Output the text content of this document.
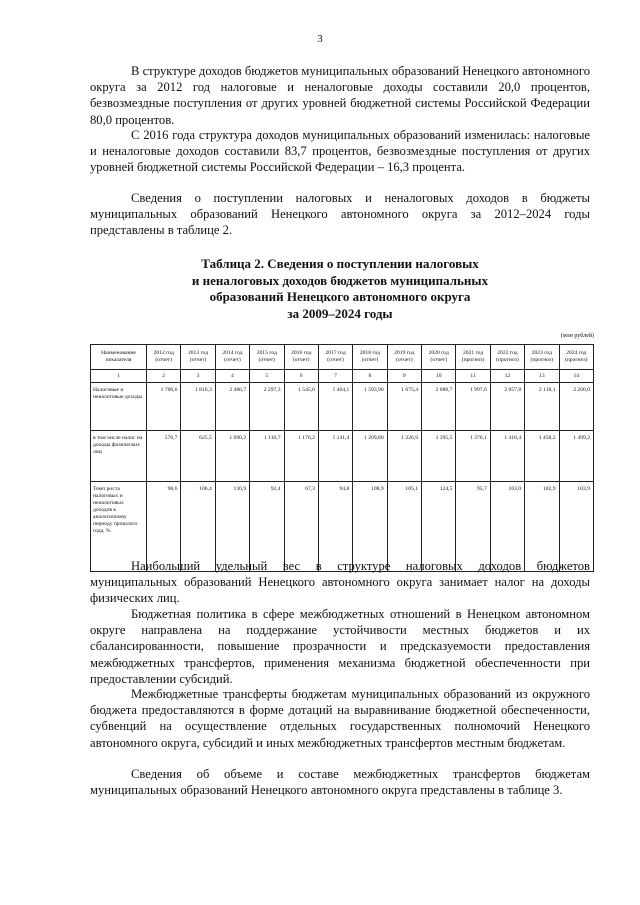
3

В структуре доходов бюджетов муниципальных образований Ненецкого автономного округа за 2012 год налоговые и неналоговые доходы составили 20,0 процентов, безвозмездные поступления от других уровней бюджетной системы Российской Федерации 80,0 процентов.

С 2016 года структура доходов муниципальных образований изменилась: налоговые и неналоговые доходов составили 83,7 процентов, безвозмездные поступления от других уровней бюджетной системы Российской Федерации – 16,3 процента.

Сведения о поступлении налоговых и неналоговых доходов в бюджеты муниципальных образований Ненецкого автономного округа за 2012–2024 годы представлены в таблице 2.

Таблица 2. Сведения о поступлении налоговых
и неналоговых доходов бюджетов муниципальных
образований Ненецкого автономного округа
за 2009–2024 годы
(млн рублей)
Наименование показателя	2012 год (отчет)	2013 год (отчет)	2014 год (отчет)	2015 год (отчет)	2016 год (отчет)	2017 год (отчет)	2018 год (отчет)	2019 год (отчет)	2020 год (отчет)	2021 год (прогноз)	2022 год (прогноз)	2023 год (прогноз)	2024 год (прогноз)
1	2	3	4	5	6	7	8	9	10	11	12	13	14
Налоговые и неналоговые доходы	1 706,6	1 816,3	2 486,7	2 297,3	1 545,0	1 464,1	1 593,90	1 675,4	2 086,7	1 997,6	2 057,8	2 118,1	2 200,0
в том числе налог на доходы физических лиц	570,7	625,5	1 090,2	1 116,7	1 170,2	1 141,4	1 209,80	1 226,9	1 395,5	1 376,1	1 416,4	1 458,2	1 499,2
Темп роста налоговых и неналоговых доходов к аналогичному периоду прошлого года, %	98,6	106,4	136,9	92,4	67,3	94,8	108,9	105,1	124,5	95,7	103,0	102,9	103,9

Наибольший удельный вес в структуре налоговых доходов бюджетов муниципальных образований Ненецкого автономного округа занимает налог на доходы физических лиц.

Бюджетная политика в сфере межбюджетных отношений в Ненецком автономном округе направлена на поддержание устойчивости местных бюджетов и их сбалансированности, повышение прозрачности и предсказуемости предоставления межбюджетных трансфертов, применения механизма бюджетной обеспеченности при предоставлении субсидий.

Межбюджетные трансферты бюджетам муниципальных образований из окружного бюджета предоставляются в форме дотаций на выравнивание бюджетной обеспеченности, субвенций на осуществление отдельных государственных полномочий Ненецкого автономного округа, субсидий и иных межбюджетных трансфертов местным бюджетам.

Сведения об объеме и составе межбюджетных трансфертов бюджетам муниципальных образований Ненецкого автономного округа представлены в таблице 3.
